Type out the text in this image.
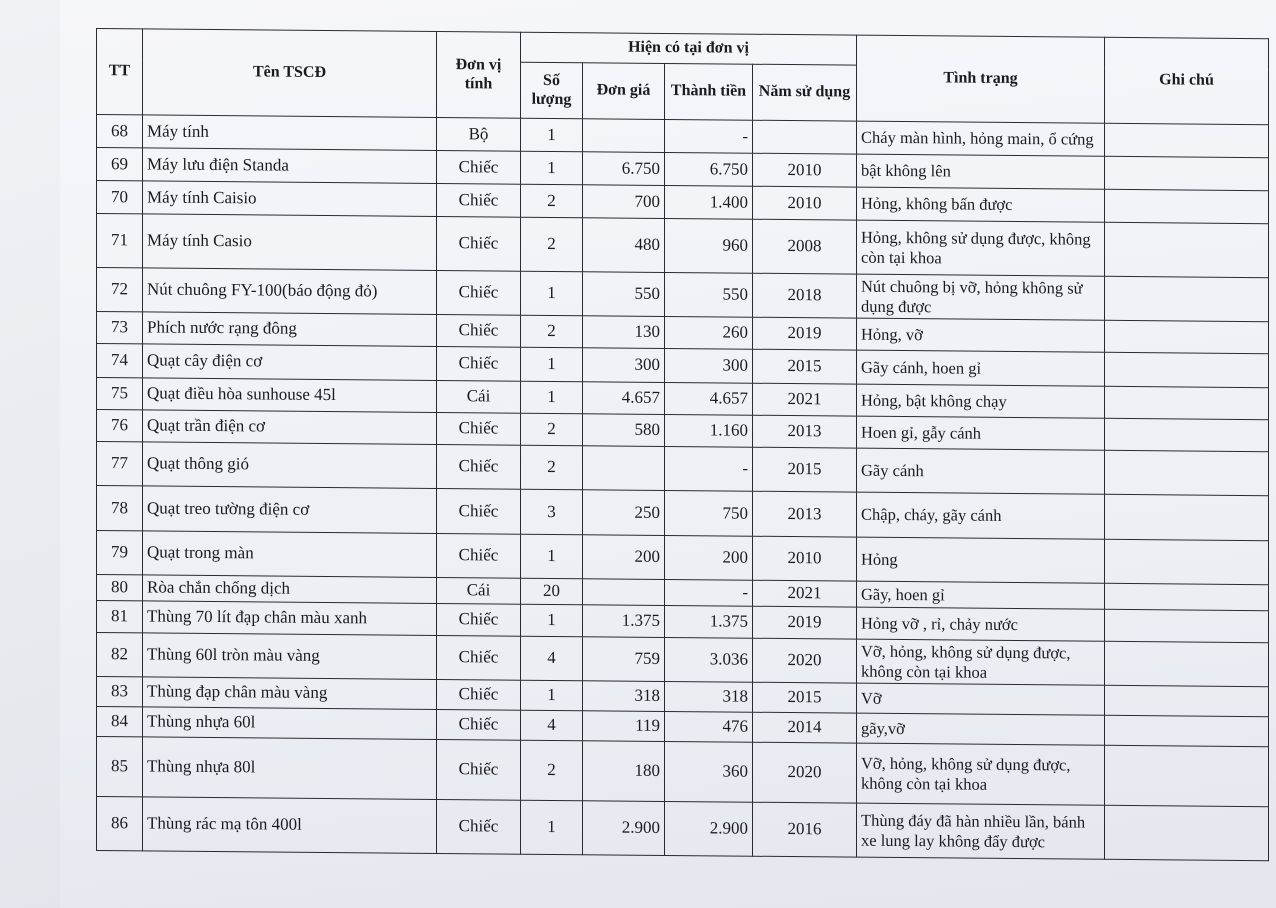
TT	Tên TSCĐ	Đơn vị tính	Hiện có tại đơn vị				Tình trạng	Ghi chú
			Số lượng	Đơn giá	Thành tiền	Năm sử dụng		
68	Máy tính	Bộ	1		-		Cháy màn hình, hỏng main, ổ cứng	
69	Máy lưu điện Standa	Chiếc	1	6.750	6.750	2010	bật không lên	
70	Máy tính Caisio	Chiếc	2	700	1.400	2010	Hỏng, không bấn được	
71	Máy tính Casio	Chiếc	2	480	960	2008	Hỏng, không sử dụng được, không còn tại khoa	
72	Nút chuông FY-100(báo động đỏ)	Chiếc	1	550	550	2018	Nút chuông bị vỡ, hỏng không sử dụng được	
73	Phích nước rạng đông	Chiếc	2	130	260	2019	Hỏng, vỡ	
74	Quạt cây điện cơ	Chiếc	1	300	300	2015	Gãy cánh, hoen gỉ	
75	Quạt điều hòa sunhouse 45l	Cái	1	4.657	4.657	2021	Hỏng, bật không chạy	
76	Quạt trần điện cơ	Chiếc	2	580	1.160	2013	Hoen gỉ, gẫy cánh	
77	Quạt thông gió	Chiếc	2		-	2015	Gãy cánh	
78	Quạt treo tường điện cơ	Chiếc	3	250	750	2013	Chập, cháy, gãy cánh	
79	Quạt trong màn	Chiếc	1	200	200	2010	Hỏng	
80	Ròa chắn chống dịch	Cái	20		-	2021	Gãy, hoen gỉ	
81	Thùng 70 lít đạp chân màu xanh	Chiếc	1	1.375	1.375	2019	Hỏng vỡ , rỉ, chảy nước	
82	Thùng 60l tròn màu vàng	Chiếc	4	759	3.036	2020	Vỡ, hỏng, không sử dụng được, không còn tại khoa	
83	Thùng đạp chân màu vàng	Chiếc	1	318	318	2015	Vỡ	
84	Thùng nhựa 60l	Chiếc	4	119	476	2014	gãy,vỡ	
85	Thùng nhựa 80l	Chiếc	2	180	360	2020	Vỡ, hỏng, không sử dụng được, không còn tại khoa	
86	Thùng rác mạ tôn 400l	Chiếc	1	2.900	2.900	2016	Thùng đáy đã hàn nhiều lần, bánh xe lung lay không đẩy được	
